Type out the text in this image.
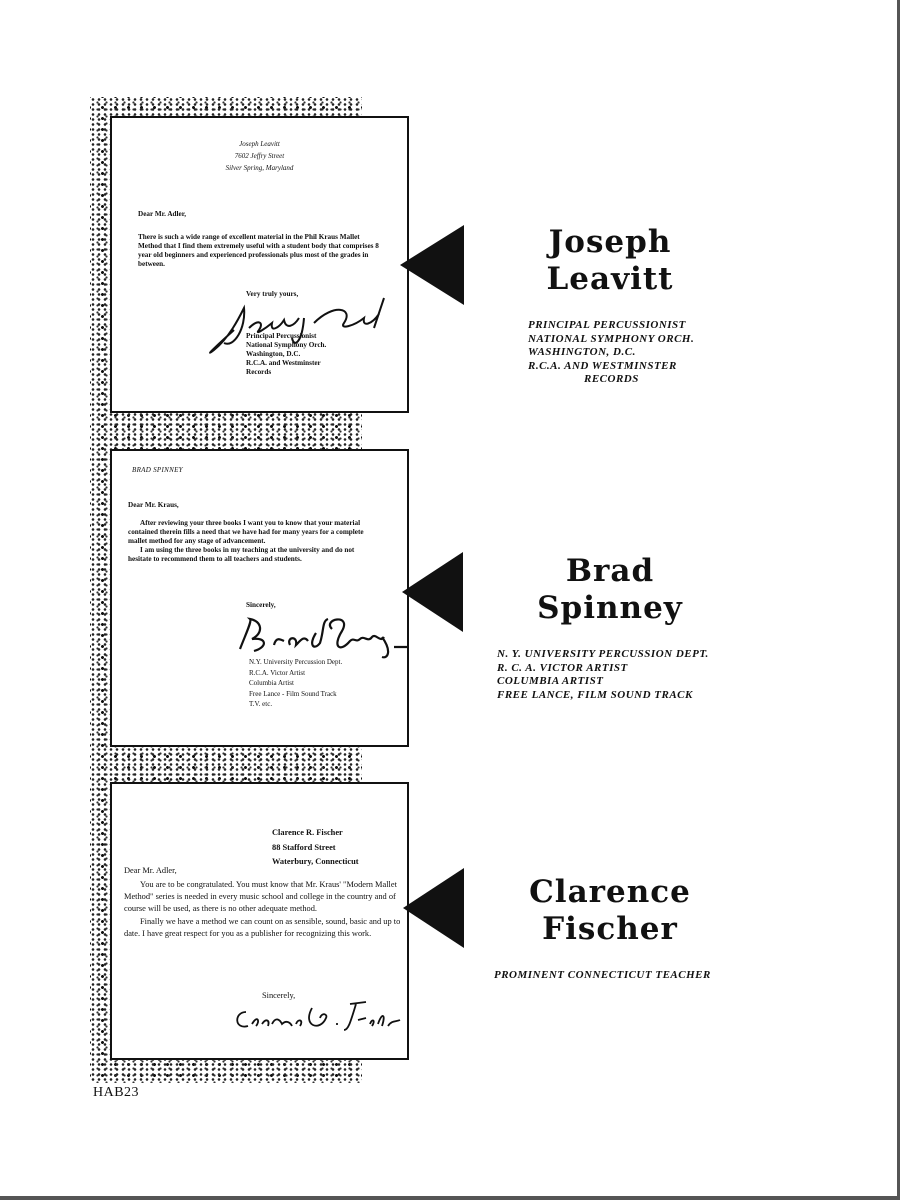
Joseph Leavitt
7602 Jeffry Street
Silver Spring, Maryland
Dear Mr. Adler,
There is such a wide range of excellent material in the Phil Kraus Mallet Method that I find them extremely useful with a student body that comprises 8 year old beginners and experienced professionals plus most of the grades in between.
Very truly yours,
Principal Percussionist
National Symphony Orch.
Washington, D.C.
R.C.A. and Westminster
Records
BRAD SPINNEY
Dear Mr. Kraus,
After reviewing your three books I want you to know that your material contained therein fills a need that we have had for many years for a complete mallet method for any stage of advancement.
I am using the three books in my teaching at the university and do not hesitate to recommend them to all teachers and students.
Sincerely,
N.Y. University Percussion Dept.
R.C.A. Victor Artist
Columbia Artist
Free Lance - Film Sound Track
T.V. etc.
Clarence R. Fischer
88 Stafford Street
Waterbury, Connecticut
Dear Mr. Adler,
You are to be congratulated. You must know that Mr. Kraus' "Modern Mallet Method" series is needed in every music school and college in the country and of course will be used, as there is no other adequate method.
Finally we have a method we can count on as sensible, sound, basic and up to date. I have great respect for you as a publisher for recognizing this work.
Sincerely,
Joseph
Leavitt
Brad
Spinney
Clarence
Fischer
PRINCIPAL PERCUSSIONIST
NATIONAL SYMPHONY ORCH.
WASHINGTON, D.C.
R.C.A. AND WESTMINSTER
RECORDS
N. Y. UNIVERSITY PERCUSSION DEPT.
R. C. A. VICTOR ARTIST
COLUMBIA ARTIST
FREE LANCE, FILM SOUND TRACK
PROMINENT CONNECTICUT TEACHER
HAB23
